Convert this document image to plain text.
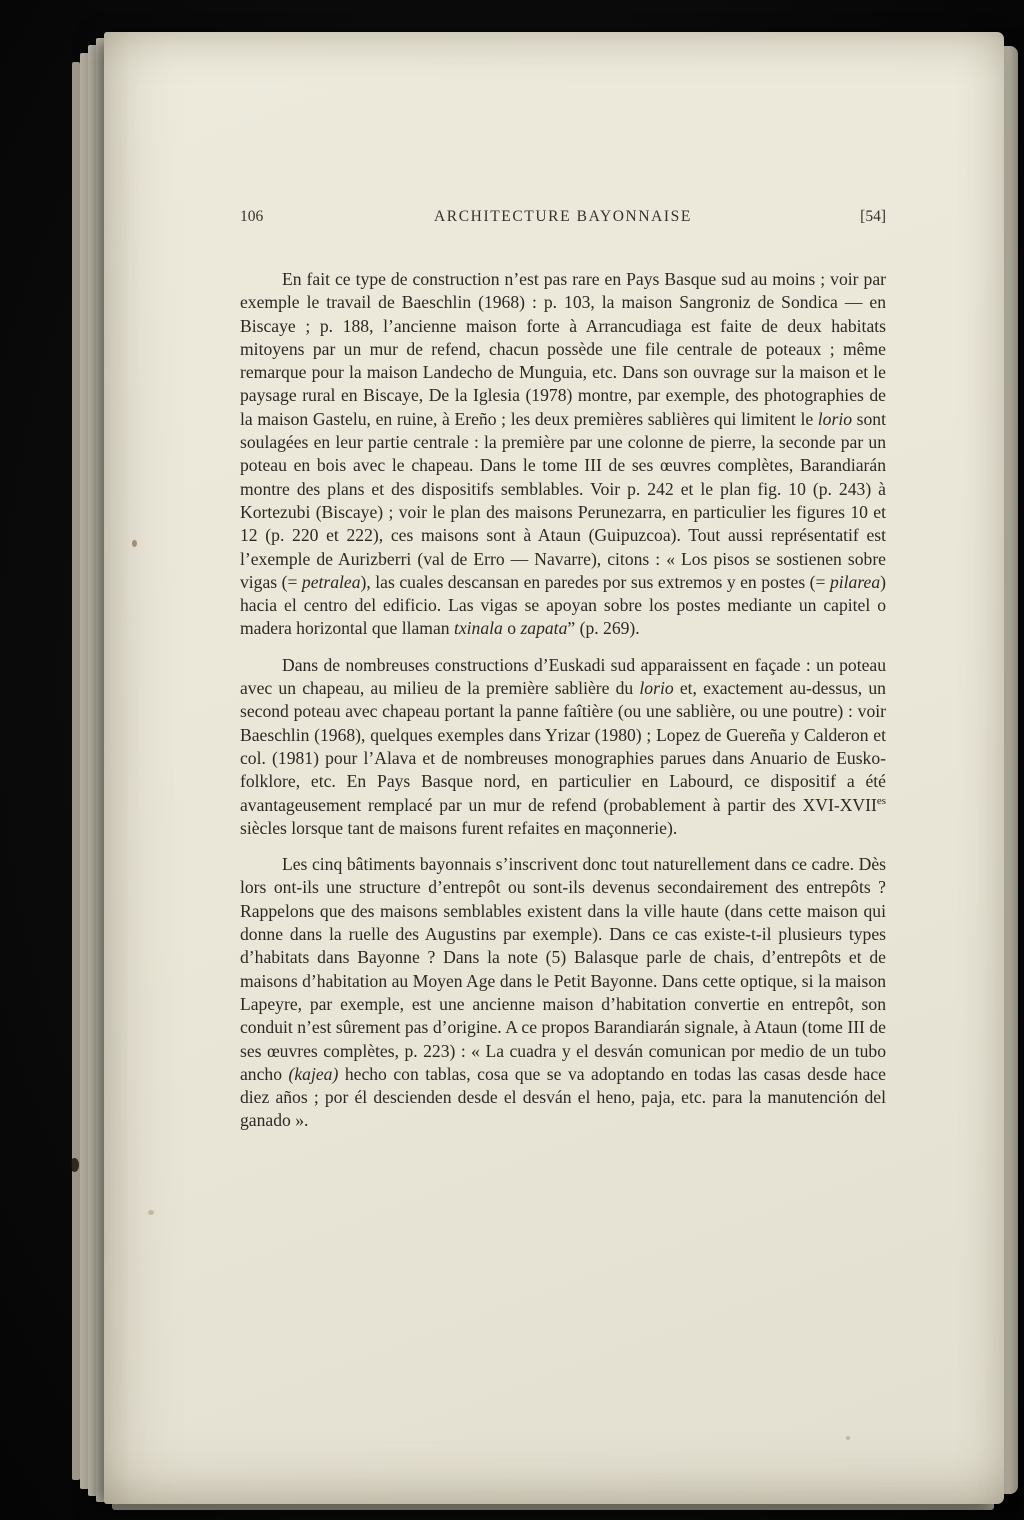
106	ARCHITECTURE BAYONNAISE	[54]

En fait ce type de construction n’est pas rare en Pays Basque sud au moins ; voir par exemple le travail de Baeschlin (1968) : p. 103, la maison Sangroniz de Sondica — en Biscaye ; p. 188, l’ancienne maison forte à Arrancudiaga est faite de deux habitats mitoyens par un mur de refend, chacun possède une file centrale de poteaux ; même remarque pour la maison Landecho de Munguia, etc. Dans son ouvrage sur la maison et le paysage rural en Biscaye, De la Iglesia (1978) montre, par exemple, des photographies de la maison Gastelu, en ruine, à Ereño ; les deux premières sablières qui limitent le lorio sont soulagées en leur partie centrale : la première par une colonne de pierre, la seconde par un poteau en bois avec le chapeau. Dans le tome III de ses œuvres complètes, Barandiarán montre des plans et des dispositifs semblables. Voir p. 242 et le plan fig. 10 (p. 243) à Kortezubi (Biscaye) ; voir le plan des maisons Perunezarra, en particulier les figures 10 et 12 (p. 220 et 222), ces maisons sont à Ataun (Guipuzcoa). Tout aussi représentatif est l’exemple de Aurizberri (val de Erro — Navarre), citons : « Los pisos se sostienen sobre vigas (= petralea), las cuales descansan en paredes por sus extremos y en postes (= pilarea) hacia el centro del edificio. Las vigas se apoyan sobre los postes mediante un capitel o madera horizontal que llaman txinala o zapata” (p. 269).

Dans de nombreuses constructions d’Euskadi sud apparaissent en façade : un poteau avec un chapeau, au milieu de la première sablière du lorio et, exactement au-dessus, un second poteau avec chapeau portant la panne faîtière (ou une sablière, ou une poutre) : voir Baeschlin (1968), quelques exemples dans Yrizar (1980) ; Lopez de Guereña y Calderon et col. (1981) pour l’Alava et de nombreuses monographies parues dans Anuario de Eusko-folklore, etc. En Pays Basque nord, en particulier en Labourd, ce dispositif a été avantageusement remplacé par un mur de refend (probablement à partir des XVI-$XVII^{es}$ siècles lorsque tant de maisons furent refaites en maçonnerie).

Les cinq bâtiments bayonnais s’inscrivent donc tout naturellement dans ce cadre. Dès lors ont-ils une structure d’entrepôt ou sont-ils devenus secondairement des entrepôts ? Rappelons que des maisons semblables existent dans la ville haute (dans cette maison qui donne dans la ruelle des Augustins par exemple). Dans ce cas existe-t-il plusieurs types d’habitats dans Bayonne ? Dans la note (5) Balasque parle de chais, d’entrepôts et de maisons d’habitation au Moyen Age dans le Petit Bayonne. Dans cette optique, si la maison Lapeyre, par exemple, est une ancienne maison d’habitation convertie en entrepôt, son conduit n’est sûrement pas d’origine. A ce propos Barandiarán signale, à Ataun (tome III de ses œuvres complètes, p. 223) : « La cuadra y el desván comunican por medio de un tubo ancho (kajea) hecho con tablas, cosa que se va adoptando en todas las casas desde hace diez años ; por él descienden desde el desván el heno, paja, etc. para la manutención del ganado ».
